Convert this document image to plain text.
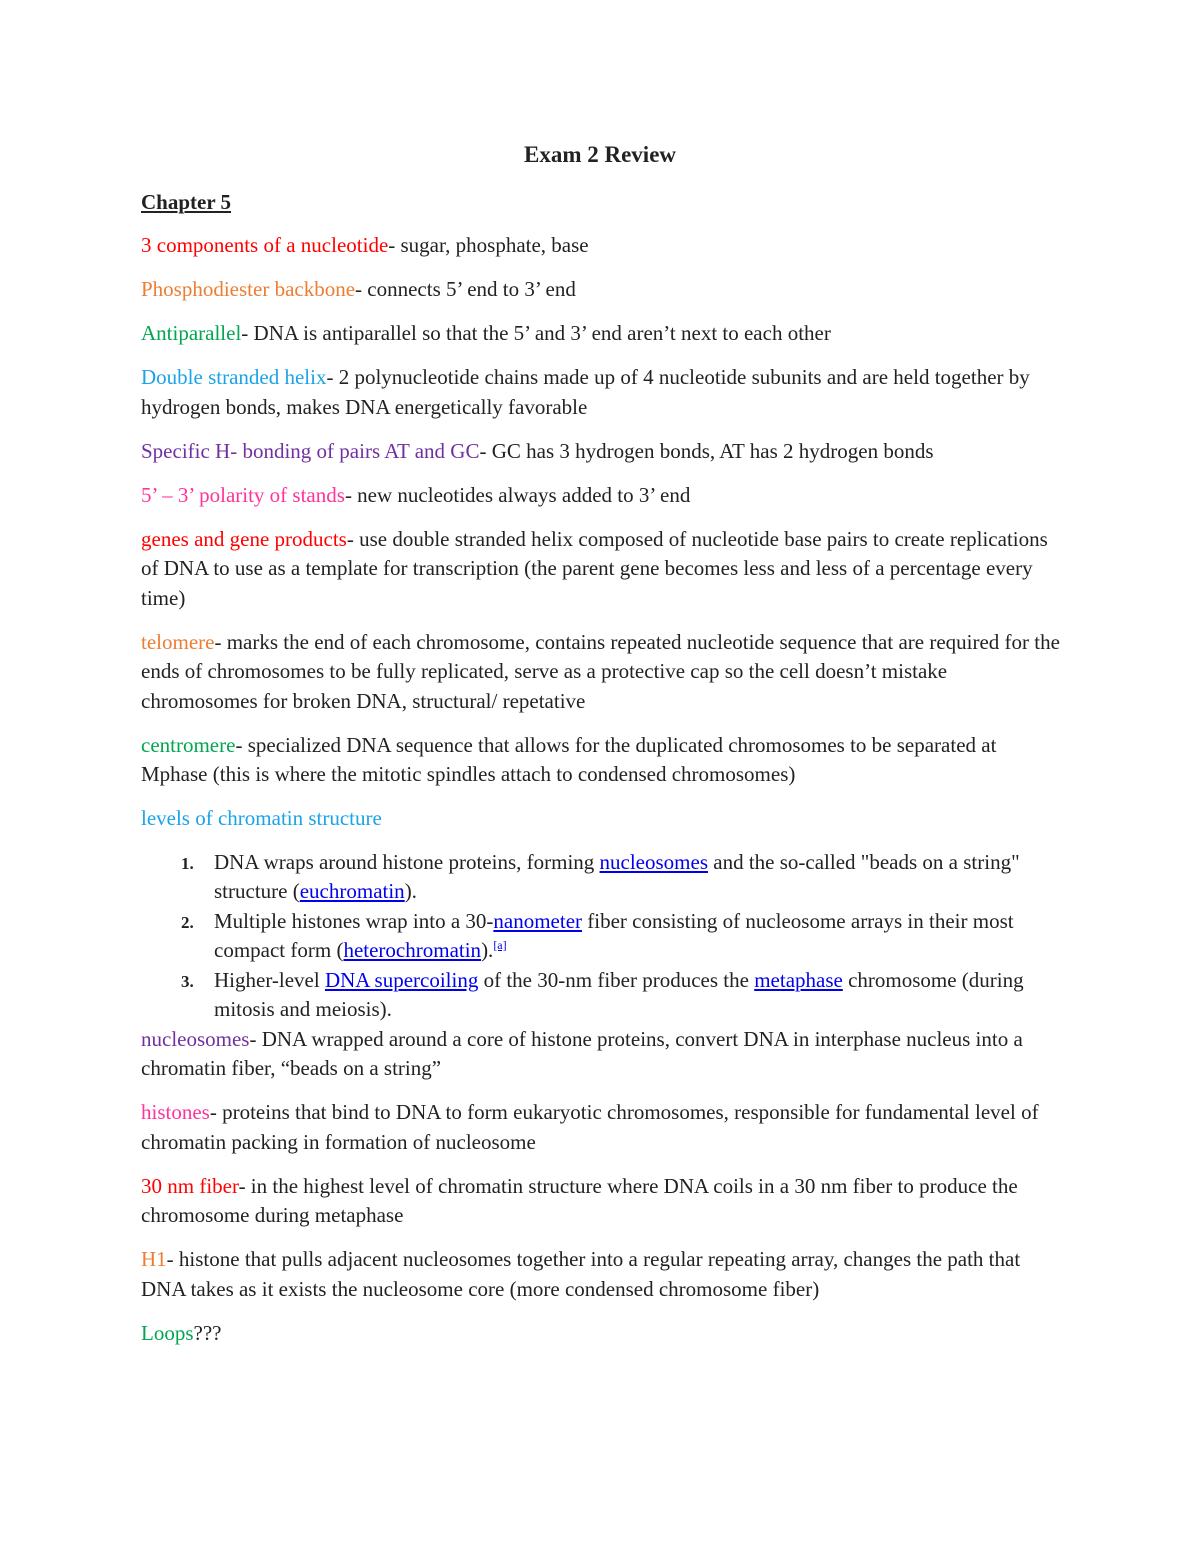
Exam 2 Review
Chapter 5

3 components of a nucleotide- sugar, phosphate, base

Phosphodiester backbone- connects 5’ end to 3’ end

Antiparallel- DNA is antiparallel so that the 5’ and 3’ end aren’t next to each other

Double stranded helix- 2 polynucleotide chains made up of 4 nucleotide subunits and are held together by hydrogen bonds, makes DNA energetically favorable

Specific H- bonding of pairs AT and GC- GC has 3 hydrogen bonds, AT has 2 hydrogen bonds

5’ – 3’ polarity of stands- new nucleotides always added to 3’ end

genes and gene products- use double stranded helix composed of nucleotide base pairs to create replications of DNA to use as a template for transcription (the parent gene becomes less and less of a percentage every time)

telomere- marks the end of each chromosome, contains repeated nucleotide sequence that are required for the ends of chromosomes to be fully replicated, serve as a protective cap so the cell doesn’t mistake chromosomes for broken DNA, structural/ repetative

centromere- specialized DNA sequence that allows for the duplicated chromosomes to be separated at Mphase (this is where the mitotic spindles attach to condensed chromosomes)

levels of chromatin structure

1. DNA wraps around histone proteins, forming nucleosomes and the so-called "beads on a string" structure (euchromatin).
2. Multiple histones wrap into a 30-nanometer fiber consisting of nucleosome arrays in their most compact form (heterochromatin).[a]
3. Higher-level DNA supercoiling of the 30-nm fiber produces the metaphase chromosome (during mitosis and meiosis).

nucleosomes- DNA wrapped around a core of histone proteins, convert DNA in interphase nucleus into a chromatin fiber, “beads on a string”

histones- proteins that bind to DNA to form eukaryotic chromosomes, responsible for fundamental level of chromatin packing in formation of nucleosome

30 nm fiber- in the highest level of chromatin structure where DNA coils in a 30 nm fiber to produce the chromosome during metaphase

H1- histone that pulls adjacent nucleosomes together into a regular repeating array, changes the path that DNA takes as it exists the nucleosome core (more condensed chromosome fiber)

Loops???
